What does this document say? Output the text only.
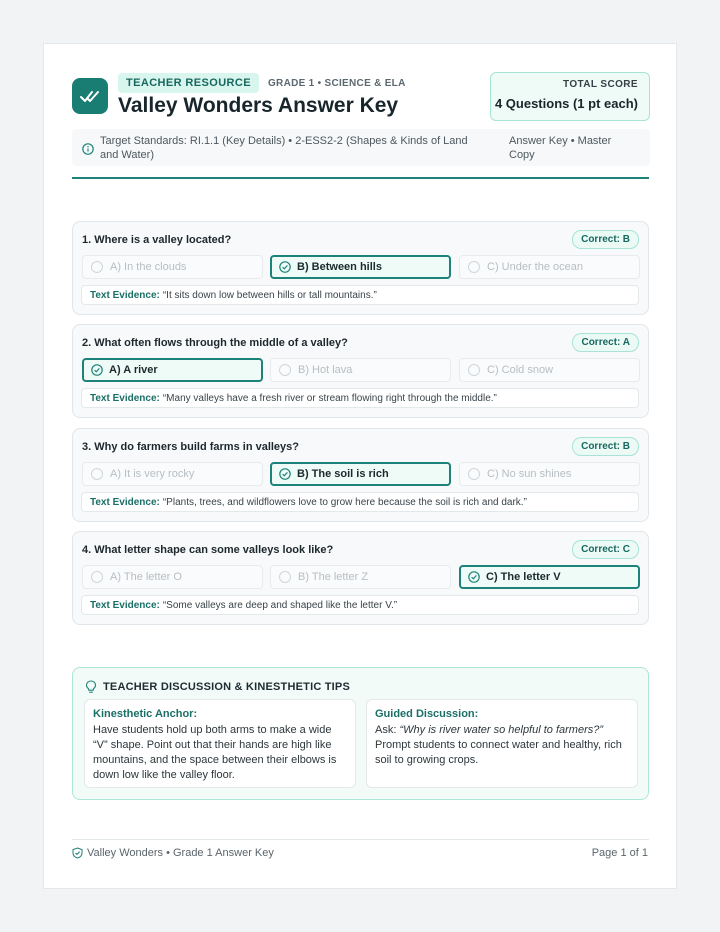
TEACHER RESOURCE	GRADE 1 • SCIENCE & ELA
Valley Wonders Answer Key
TOTAL SCORE
4 Questions (1 pt each)
Target Standards: RI.1.1 (Key Details) • 2-ESS2-2 (Shapes & Kinds of Land and Water)
Answer Key • Master Copy
1. Where is a valley located?	Correct: B
A) In the clouds	B) Between hills	C) Under the ocean
Text Evidence: “It sits down low between hills or tall mountains.”
2. What often flows through the middle of a valley?	Correct: A
A) A river	B) Hot lava	C) Cold snow
Text Evidence: “Many valleys have a fresh river or stream flowing right through the middle.”
3. Why do farmers build farms in valleys?	Correct: B
A) It is very rocky	B) The soil is rich	C) No sun shines
Text Evidence: “Plants, trees, and wildflowers love to grow here because the soil is rich and dark.”
4. What letter shape can some valleys look like?	Correct: C
A) The letter O	B) The letter Z	C) The letter V
Text Evidence: “Some valleys are deep and shaped like the letter V.”
TEACHER DISCUSSION & KINESTHETIC TIPS
Kinesthetic Anchor:
Have students hold up both arms to make a wide “V” shape. Point out that their hands are high like mountains, and the space between their elbows is down low like the valley floor.
Guided Discussion:
Ask: “Why is river water so helpful to farmers?”
Prompt students to connect water and healthy, rich soil to growing crops.
Valley Wonders • Grade 1 Answer Key	Page 1 of 1
